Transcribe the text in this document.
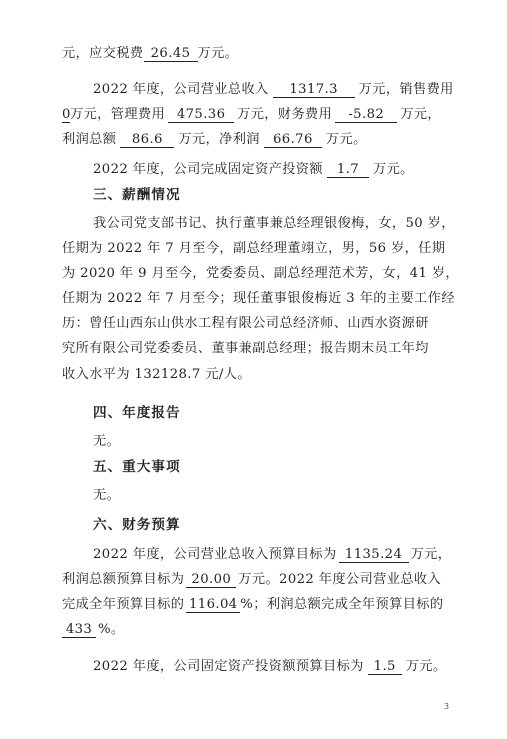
元，应交税费 26.45 万元。
2022 年度，公司营业总收入 1317.3 万元，销售费用
0万元，管理费用 475.36 万元，财务费用 -5.82 万元，
利润总额 86.6 万元，净利润 66.76 万元。
2022 年度，公司完成固定资产投资额 1.7 万元。
三、薪酬情况
我公司党支部书记、执行董事兼总经理银俊梅，女，50 岁，
任期为 2022 年 7 月至今，副总经理董翊立，男，56 岁，任期
为 2020 年 9 月至今，党委委员、副总经理范术芳，女，41 岁，
任期为 2022 年 7 月至今；现任董事银俊梅近 3 年的主要工作经
历：曾任山西东山供水工程有限公司总经济师、山西水资源研
究所有限公司党委委员、董事兼副总经理；报告期末员工年均
收入水平为 132128.7 元/人。
四、年度报告
无。
五、重大事项
无。
六、财务预算
2022 年度，公司营业总收入预算目标为 1135.24 万元，
利润总额预算目标为 20.00 万元。2022 年度公司营业总收入
完成全年预算目标的 116.04 %；利润总额完成全年预算目标的
433 %。
2022 年度，公司固定资产投资额预算目标为 1.5 万元。
3
